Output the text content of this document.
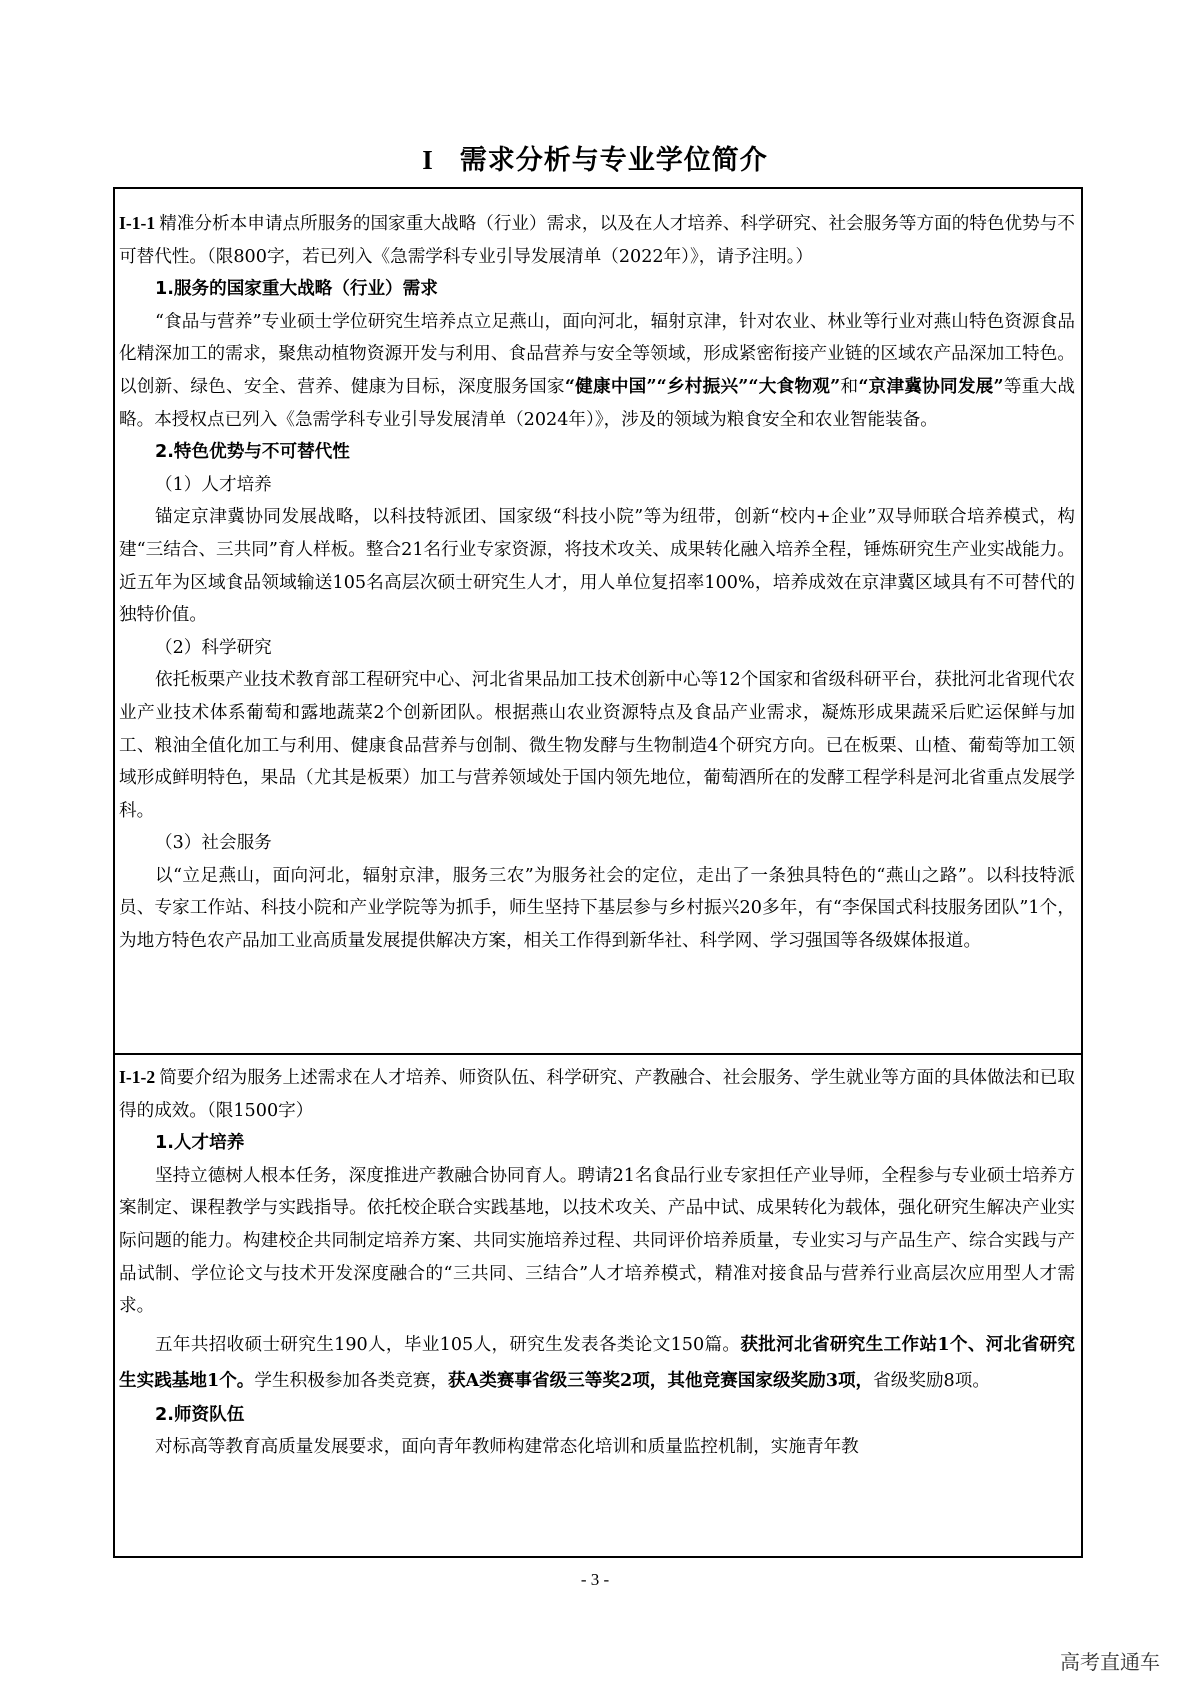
I 需求分析与专业学位简介

I-1-1 精准分析本申请点所服务的国家重大战略（行业）需求，以及在人才培养、科学研究、社会服务等方面的特色优势与不可替代性。（限800字，若已列入《急需学科专业引导发展清单（2022年）》，请予注明。）

1.服务的国家重大战略（行业）需求

“食品与营养”专业硕士学位研究生培养点立足燕山，面向河北，辐射京津，针对农业、林业等行业对燕山特色资源食品化精深加工的需求，聚焦动植物资源开发与利用、食品营养与安全等领域，形成紧密衔接产业链的区域农产品深加工特色。以创新、绿色、安全、营养、健康为目标，深度服务国家“健康中国”“乡村振兴”“大食物观”和“京津冀协同发展”等重大战略。本授权点已列入《急需学科专业引导发展清单（2024年）》，涉及的领域为粮食安全和农业智能装备。

2.特色优势与不可替代性

（1）人才培养

锚定京津冀协同发展战略，以科技特派团、国家级“科技小院”等为纽带，创新“校内+企业”双导师联合培养模式，构建“三结合、三共同”育人样板。整合21名行业专家资源，将技术攻关、成果转化融入培养全程，锤炼研究生产业实战能力。近五年为区域食品领域输送105名高层次硕士研究生人才，用人单位复招率100%，培养成效在京津冀区域具有不可替代的独特价值。

（2）科学研究

依托板栗产业技术教育部工程研究中心、河北省果品加工技术创新中心等12个国家和省级科研平台，获批河北省现代农业产业技术体系葡萄和露地蔬菜2个创新团队。根据燕山农业资源特点及食品产业需求，凝炼形成果蔬采后贮运保鲜与加工、粮油全值化加工与利用、健康食品营养与创制、微生物发酵与生物制造4个研究方向。已在板栗、山楂、葡萄等加工领域形成鲜明特色，果品（尤其是板栗）加工与营养领域处于国内领先地位，葡萄酒所在的发酵工程学科是河北省重点发展学科。

（3）社会服务

以“立足燕山，面向河北，辐射京津，服务三农”为服务社会的定位，走出了一条独具特色的“燕山之路”。以科技特派员、专家工作站、科技小院和产业学院等为抓手，师生坚持下基层参与乡村振兴20多年，有“李保国式科技服务团队”1个，为地方特色农产品加工业高质量发展提供解决方案，相关工作得到新华社、科学网、学习强国等各级媒体报道。

I-1-2 简要介绍为服务上述需求在人才培养、师资队伍、科学研究、产教融合、社会服务、学生就业等方面的具体做法和已取得的成效。（限1500字）

1.人才培养

坚持立德树人根本任务，深度推进产教融合协同育人。聘请21名食品行业专家担任产业导师，全程参与专业硕士培养方案制定、课程教学与实践指导。依托校企联合实践基地，以技术攻关、产品中试、成果转化为载体，强化研究生解决产业实际问题的能力。构建校企共同制定培养方案、共同实施培养过程、共同评价培养质量，专业实习与产品生产、综合实践与产品试制、学位论文与技术开发深度融合的“三共同、三结合”人才培养模式，精准对接食品与营养行业高层次应用型人才需求。

五年共招收硕士研究生190人，毕业105人，研究生发表各类论文150篇。获批河北省研究生工作站1个、河北省研究生实践基地1个。学生积极参加各类竞赛，获A类赛事省级三等奖2项，其他竞赛国家级奖励3项，省级奖励8项。

2.师资队伍

对标高等教育高质量发展要求，面向青年教师构建常态化培训和质量监控机制，实施青年教

- 3 -
高考直通车
